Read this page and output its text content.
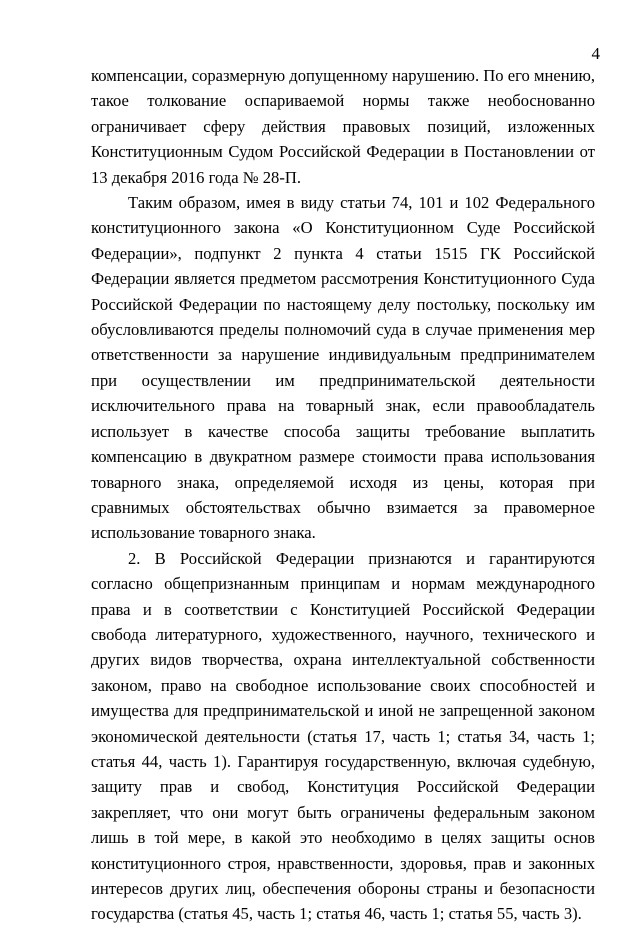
4

компенсации, соразмерную допущенному нарушению. По его мнению, такое толкование оспариваемой нормы также необоснованно ограничивает сферу действия правовых позиций, изложенных Конституционным Судом Российской Федерации в Постановлении от 13 декабря 2016 года № 28-П.

Таким образом, имея в виду статьи 74, 101 и 102 Федерального конституционного закона «О Конституционном Суде Российской Федерации», подпункт 2 пункта 4 статьи 1515 ГК Российской Федерации является предметом рассмотрения Конституционного Суда Российской Федерации по настоящему делу постольку, поскольку им обусловливаются пределы полномочий суда в случае применения мер ответственности за нарушение индивидуальным предпринимателем при осуществлении им предпринимательской деятельности исключительного права на товарный знак, если правообладатель использует в качестве способа защиты требование выплатить компенсацию в двукратном размере стоимости права использования товарного знака, определяемой исходя из цены, которая при сравнимых обстоятельствах обычно взимается за правомерное использование товарного знака.

2. В Российской Федерации признаются и гарантируются согласно общепризнанным принципам и нормам международного права и в соответствии с Конституцией Российской Федерации свобода литературного, художественного, научного, технического и других видов творчества, охрана интеллектуальной собственности законом, право на свободное использование своих способностей и имущества для предпринимательской и иной не запрещенной законом экономической деятельности (статья 17, часть 1; статья 34, часть 1; статья 44, часть 1). Гарантируя государственную, включая судебную, защиту прав и свобод, Конституция Российской Федерации закрепляет, что они могут быть ограничены федеральным законом лишь в той мере, в какой это необходимо в целях защиты основ конституционного строя, нравственности, здоровья, прав и законных интересов других лиц, обеспечения обороны страны и безопасности государства (статья 45, часть 1; статья 46, часть 1; статья 55, часть 3).
